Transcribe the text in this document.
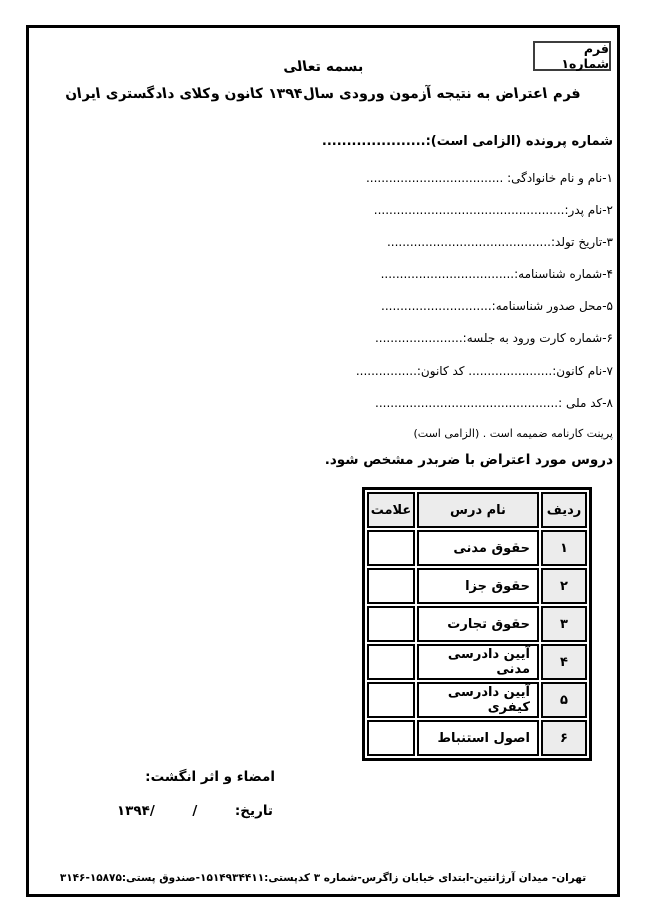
فرم شماره۱
بسمه تعالی
فرم اعتراض به نتیجه آزمون ورودی سال۱۳۹۴ کانون وکلای دادگستری ایران
شماره پرونده (الزامی است):.....................
۱-نام و نام خانوادگی: ....................................
۲-نام پدر:..................................................
۳-تاریخ تولد:...........................................
۴-شماره شناسنامه:...................................
۵-محل صدور شناسنامه:.............................
۶-شماره کارت ورود به جلسه:.......................
۷-نام کانون:...................... کد کانون:................
۸-کد ملی :................................................
پرینت کارنامه ضمیمه است . (الزامی است)
دروس مورد اعتراض با ضربدر مشخص شود.
ردیف	نام درس	علامت
۱	حقوق مدنی	
۲	حقوق جزا	
۳	حقوق تجارت	
۴	آیین دادرسی مدنی	
۵	آیین دادرسی کیفری	
۶	اصول استنباط	
امضاء و اثر انگشت:
تاریخ:        /        /۱۳۹۴
تهران- میدان آرژانتین-ابتدای خیابان زاگرس-شماره ۳ کدپستی:۱۵۱۴۹۳۴۴۱۱-صندوق پستی:۱۵۸۷۵-۳۱۴۶
